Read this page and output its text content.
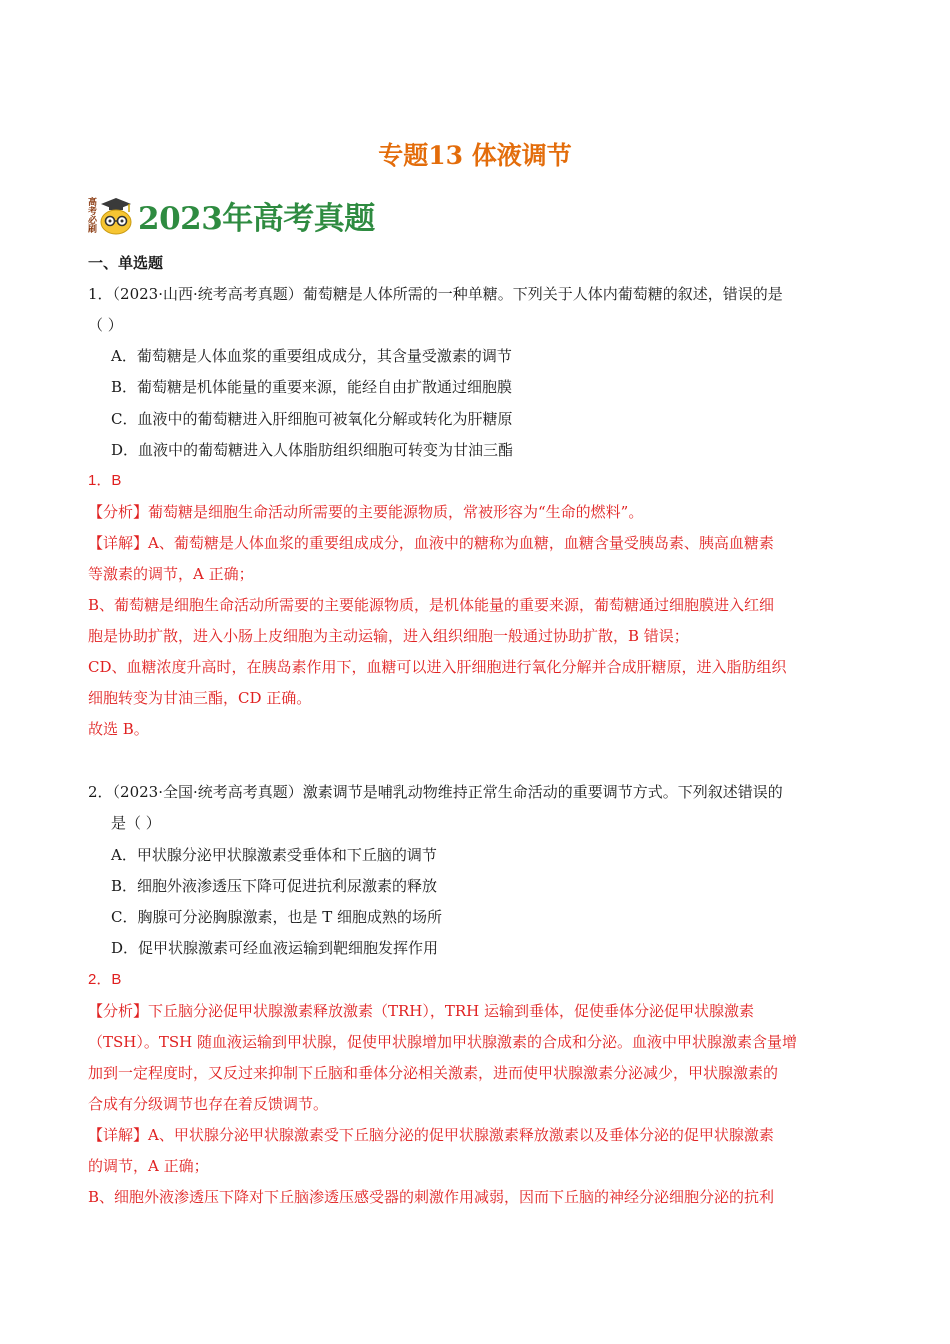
专题13 体液调节
高考必刷 2023年高考真题
一、单选题
1．（2023·山西·统考高考真题）葡萄糖是人体所需的一种单糖。下列关于人体内葡萄糖的叙述，错误的是
（ ）
A．葡萄糖是人体血浆的重要组成成分，其含量受激素的调节
B．葡萄糖是机体能量的重要来源，能经自由扩散通过细胞膜
C．血液中的葡萄糖进入肝细胞可被氧化分解或转化为肝糖原
D．血液中的葡萄糖进入人体脂肪组织细胞可转变为甘油三酯
1．B
【分析】葡萄糖是细胞生命活动所需要的主要能源物质，常被形容为“生命的燃料”。
【详解】A、葡萄糖是人体血浆的重要组成成分，血液中的糖称为血糖，血糖含量受胰岛素、胰高血糖素
等激素的调节，A 正确；
B、葡萄糖是细胞生命活动所需要的主要能源物质，是机体能量的重要来源，葡萄糖通过细胞膜进入红细
胞是协助扩散，进入小肠上皮细胞为主动运输，进入组织细胞一般通过协助扩散，B 错误；
CD、血糖浓度升高时，在胰岛素作用下，血糖可以进入肝细胞进行氧化分解并合成肝糖原，进入脂肪组织
细胞转变为甘油三酯，CD 正确。
故选 B。
2．（2023·全国·统考高考真题）激素调节是哺乳动物维持正常生命活动的重要调节方式。下列叙述错误的
是（ ）
A．甲状腺分泌甲状腺激素受垂体和下丘脑的调节
B．细胞外液渗透压下降可促进抗利尿激素的释放
C．胸腺可分泌胸腺激素，也是 T 细胞成熟的场所
D．促甲状腺激素可经血液运输到靶细胞发挥作用
2．B
【分析】下丘脑分泌促甲状腺激素释放激素（TRH），TRH 运输到垂体，促使垂体分泌促甲状腺激素
（TSH）。TSH 随血液运输到甲状腺，促使甲状腺增加甲状腺激素的合成和分泌。血液中甲状腺激素含量增
加到一定程度时，又反过来抑制下丘脑和垂体分泌相关激素，进而使甲状腺激素分泌减少，甲状腺激素的
合成有分级调节也存在着反馈调节。
【详解】A、甲状腺分泌甲状腺激素受下丘脑分泌的促甲状腺激素释放激素以及垂体分泌的促甲状腺激素
的调节，A 正确；
B、细胞外液渗透压下降对下丘脑渗透压感受器的刺激作用减弱，因而下丘脑的神经分泌细胞分泌的抗利
